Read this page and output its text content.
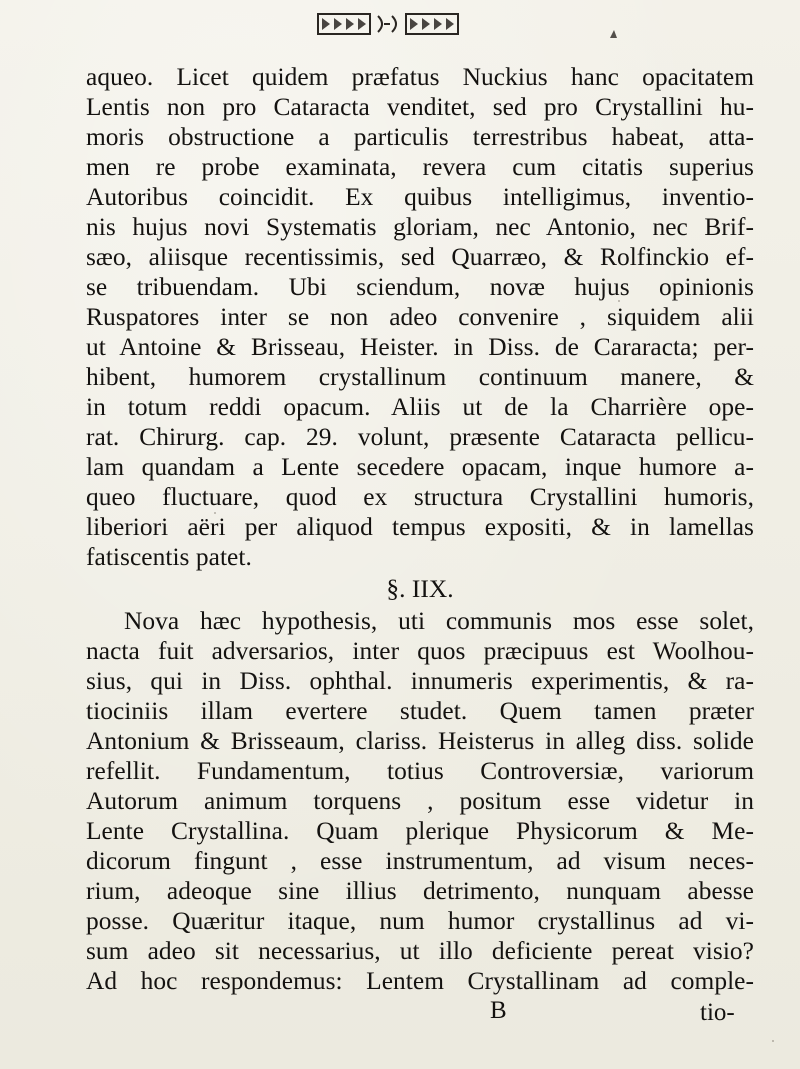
aqueo. Licet quidem præfatus Nuckius hanc opacitatem
Lentis non pro Cataracta venditet, sed pro Crystallini hu-
moris obstructione a particulis terrestribus habeat, atta-
men re probe examinata, revera cum citatis superius
Autoribus coincidit. Ex quibus intelligimus, inventio-
nis hujus novi Systematis gloriam, nec Antonio, nec Brif-
sæo, aliisque recentissimis, sed Quarræo, & Rolfinckio ef-
se tribuendam. Ubi sciendum, novæ hujus opinionis
Ruspatores inter se non adeo convenire , siquidem alii
ut Antoine & Brisseau, Heister. in Diss. de Cararacta; per-
hibent, humorem crystallinum continuum manere, &
in totum reddi opacum. Aliis ut de la Charrière ope-
rat. Chirurg. cap. 29. volunt, præsente Cataracta pellicu-
lam quandam a Lente secedere opacam, inque humore a-
queo fluctuare, quod ex structura Crystallini humoris,
liberiori aëri per aliquod tempus expositi, & in lamellas
fatiscentis patet.
§. IIX.
Nova hæc hypothesis, uti communis mos esse solet,
nacta fuit adversarios, inter quos præcipuus est Woolhou-
sius, qui in Diss. ophthal. innumeris experimentis, & ra-
tiociniis illam evertere studet. Quem tamen præter
Antonium & Brisseaum, clariss. Heisterus in alleg diss. solide
refellit. Fundamentum, totius Controversiæ, variorum
Autorum animum torquens , positum esse videtur in
Lente Crystallina. Quam plerique Physicorum & Me-
dicorum fingunt , esse instrumentum, ad visum neces-
rium, adeoque sine illius detrimento, nunquam abesse
posse. Quæritur itaque, num humor crystallinus ad vi-
sum adeo sit necessarius, ut illo deficiente pereat visio?
Ad hoc respondemus: Lentem Crystallinam ad comple-
B	tio-
